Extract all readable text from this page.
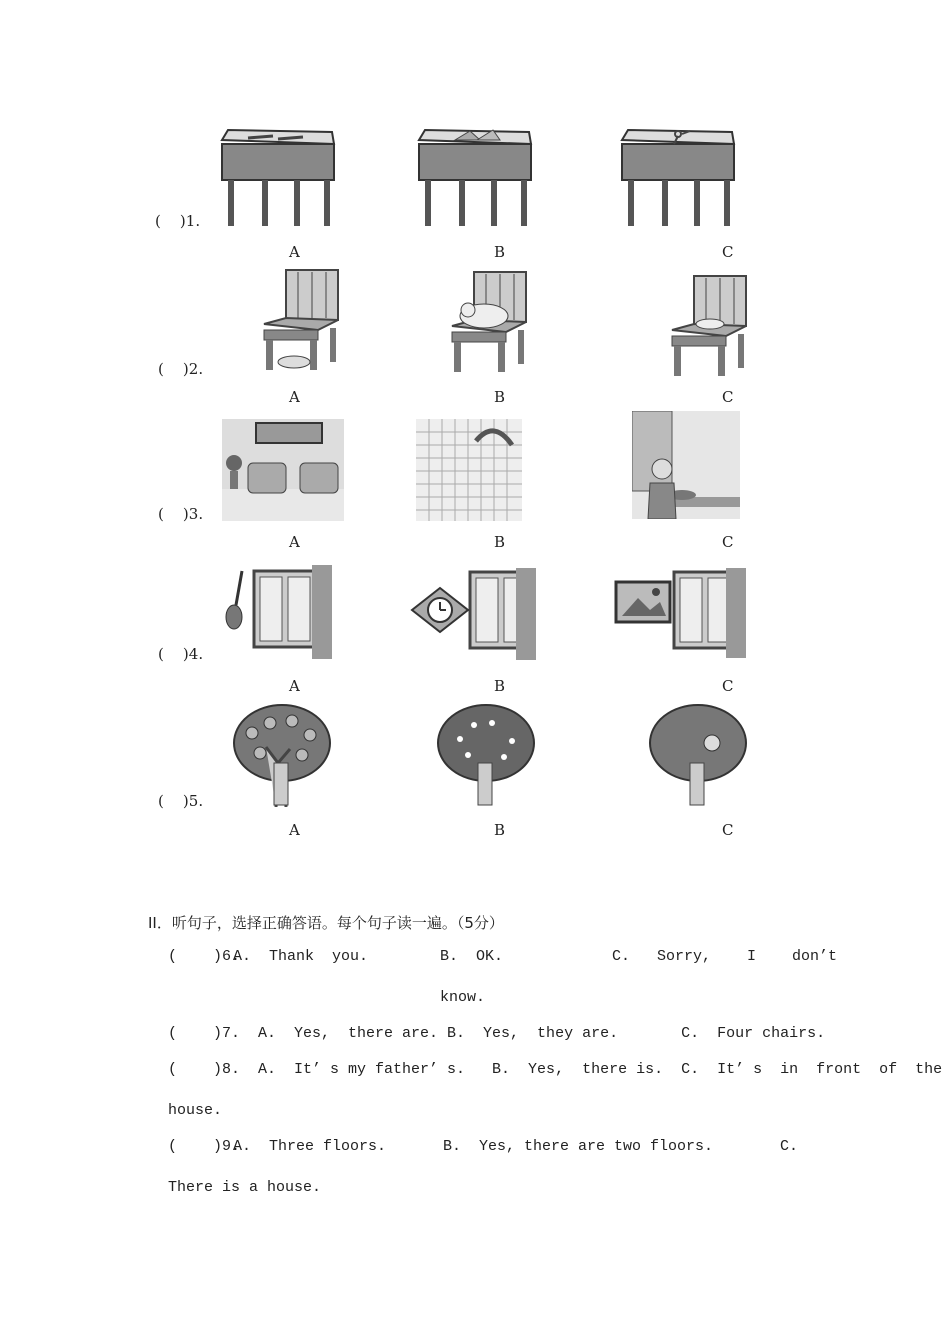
(    )1.
A	B	C
(    )2.
A	B	C
(    )3.
A	B	C
(    )4.
A	B	C
(    )5.
A	B	C
II．听句子，选择正确答语。每个句子读一遍。（5分）
(    )6.
A.  Thank  you.	B.  OK.	C.   Sorry,    I    don’t
know.
(    )7.  A.  Yes,  there are. B.  Yes,  they are.       C.  Four chairs.
(    )8.  A.  It’ s my father’ s.   B.  Yes,  there is.  C.  It’ s  in  front  of  the
house.
(    )9.
A.  Three floors.	B.  Yes, there are two floors.	C.
There is a house.
